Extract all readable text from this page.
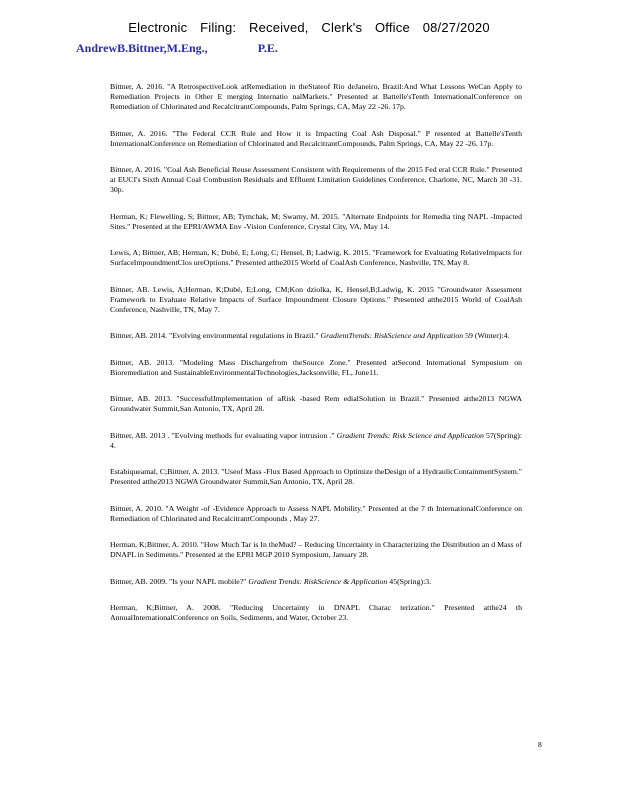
Electronic Filing: Received, Clerk's Office 08/27/2020
AndrewB.Bittner,M.Eng.,	P.E.

Bittner, A. 2016. "A RetrospectiveLook atRemediation in theStateof Rio deJaneiro, Brazil:And What Lessons WeCan Apply to Remediation Projects in Other E merging Internatio nalMarkets." Presented at Battelle'sTenth InternationalConference on Remediation of Chlorinated and RecalcitrantCompounds, Palm Springs, CA, May 22 -26. 17p.

Bittner, A. 2016. "The Federal CCR Rule and How it is Impacting Coal Ash Disposal." P resented at Battelle'sTenth InternationalConference on Remediation of Chlorinated and RecalcitrantCompounds, Palm Springs, CA, May 22 -26. 17p.

Bittner, A. 2016. "Coal Ash Beneficial Reuse Assessment Consistent with Requirements of the 2015 Fed eral CCR Rule." Presented at EUCI's Sixth Annual Coal Combustion Residuals and Effluent Limitation Guidelines Conference, Charlotte, NC, March 30 -31. 30p.

Herman, K; Flewelling, S; Bittner, AB; Tymchak, M; Swarny, M. 2015. "Alternate Endpoints for Remedia ting NAPL -Impacted Sites." Presented at the EPRI/AWMA Env -Vision Conference, Crystal City, VA, May 14.

Lewis, A; Bittner, AB; Herman, K; Dubé, E; Long, C; Hensel, B; Ladwig, K. 2015. "Framework for Evaluating RelativeImpacts for SurfaceImpoundmentClos ureOptions." Presented atthe2015 World of CoalAsh Conference, Nashville, TN, May 8.

Bittner, AB. Lewis, A;Herman, K;Dubé, E;Long, CM;Kon dziolka, K, Hensel,B;Ladwig, K. 2015 "Groundwater Assessment Framework to Evaluate Relative Impacts of Surface Impoundment Closure Options." Presented atthe2015 World of CoalAsh Conference, Nashville, TN, May 7.

Bittner, AB. 2014. "Evolving environmental regulations in Brazil." GradientTrends: RiskScience and Application 59 (Winter):4.

Bittner, AB. 2013. "Modeling Mass Dischargefrom theSource Zone." Presented atSecond International Symposium on Bioremediation and SustainableEnvironmentalTechnologies,Jacksonville, FL, June11.

Bittner, AB. 2013. "SuccessfulImplementation of aRisk -based Rem edialSolution in Brazil." Presented atthe2013 NGWA Groundwater Summit,San Antonio, TX, April 28.

Bittner, AB. 2013 . "Evolving methods for evaluating vapor intrusion ." Gradient Trends: Risk Science and Application 57(Spring): 4.

Estabiqueamal, C;Bittner, A. 2013. "Useof Mass -Flux Based Approach to Optimize theDesign of a HydraulicContainmentSystem." Presented atthe2013 NGWA Groundwater Summit,San Antonio, TX, April 28.

Bittner, A. 2010. "A Weight -of -Evidence Approach to Assess NAPL Mobility." Presented at the 7 th InternationalConference on Remediation of Chlorinated and RecalcitrantCompounds , May 27.

Herman, K;Bittner, A. 2010. "How Much Tar is In theMud? – Reducing Uncertainty in Characterizing the Distribution an d Mass of DNAPL in Sediments." Presented at the EPRI MGP 2010 Symposium, January 28.

Bittner, AB. 2009. "Is your NAPL mobile?" Gradient Trends: RiskScience & Application 45(Spring):3.

Herman, K;Bittner, A. 2008. "Reducing Uncertainty in DNAPL Charac terization." Presented atthe24 th AnnualInternationalConference on Soils, Sediments, and Water, October 23.

8
